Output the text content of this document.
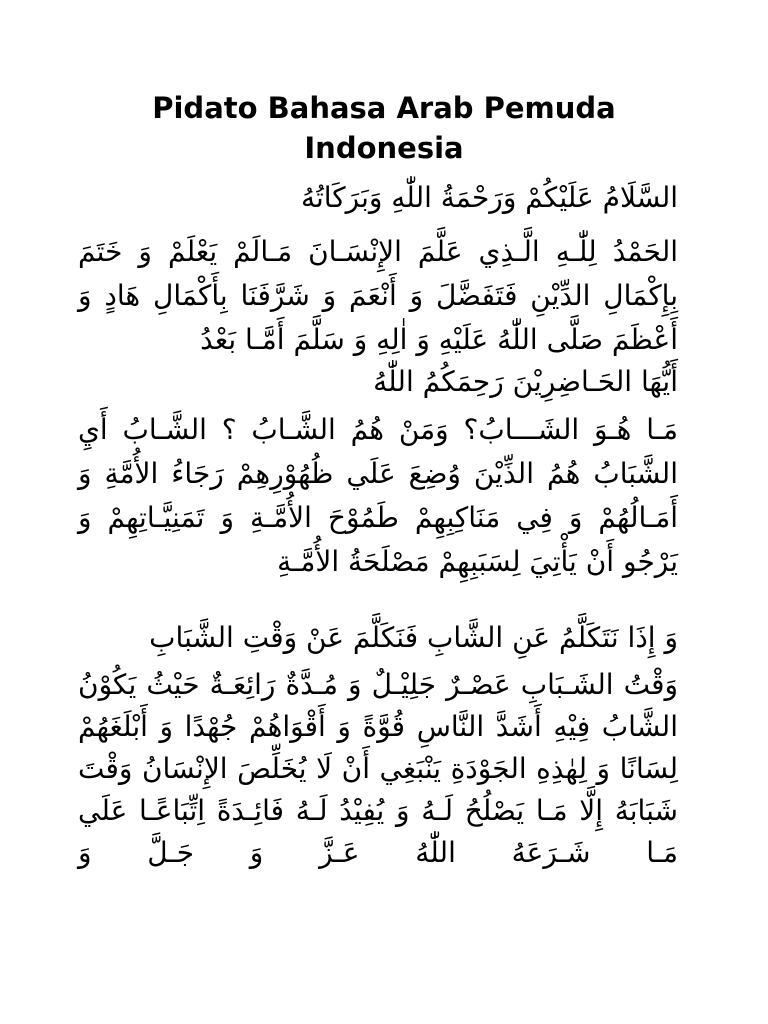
Pidato Bahasa Arab Pemuda Indonesia

السَّلَامُ عَلَيْكُمْ وَرَحْمَةُ اللّٰهِ وَبَرَكَاتُهُ

الحَمْدُ لِلّٰـهِ الَّـذِي عَلَّمَ الإِنْسَـانَ مَـالَمْ يَعْلَمْ وَ خَتَمَ بِإِكْمَالِ الدِّيْنِ فَتَفَضَّلَ وَ أَنْعَمَ وَ شَرَّفَنَا بِأَكْمَالِ هَادٍ وَ أَعْظَمَ صَلَّى اللّٰهُ عَلَيْهِ وَ اٰلِهِ وَ سَلَّمَ أَمَّـا بَعْدُ

أَيُّهَا الحَـاضِرِيْنَ رَحِمَكُمُ اللّٰهُ

مَـا هُـوَ الشَـــابُ؟ وَمَنْ هُمُ الشَّـابُ ؟ الشَّـابُ أَيِ الشَّبَابُ هُمُ الذِّيْنَ وُضِعَ عَلَي ظُهُوْرِهِمْ رَجَاءُ الأُمَّةِ وَ أَمَـالُهُمْ وَ فِي مَنَاكِبِهِمْ طَمُوْحَ الأُمَّـةِ وَ تَمَنِيَّـاتِهِمْ وَ يَرْجُو أَنْ يَأْتِيَ لِسَبَبِهِمْ مَصْلَحَةُ الأُمَّـةِ

وَ إِذَا نَتَكَلَّمُ عَنِ الشَّابِ فَنَكَلَّمَ عَنْ وَقْتِ الشَّبَابِ

وَقْتُ الشَـبَابِ عَصْـرٌ جَلِيْـلٌ وَ مُـدَّةٌ رَائِعَـةٌ حَيْثُ يَكُوْنُ الشَّابُ فِيْهِ أَشَدَّ النَّاسِ قُوَّةً وَ أَقْوَاهُمْ جُهْدًا وَ أَبْلَغَهُمْ لِسَانًا وَ لِهٰذِهِ الجَوْدَةِ يَنْبَغِي أَنْ لَا يُخَلِّصَ الإِنْسَانُ وَقْتَ شَبَابَهُ إِلَّا مَـا يَصْلُحُ لَـهُ وَ يُفِيْدُ لَـهُ فَائِـدَةً اِتِّبَاعًـا عَلَي مَـا شَـرَعَهُ اللّٰهُ عَـزَّ وَ جَـلَّ وَ
